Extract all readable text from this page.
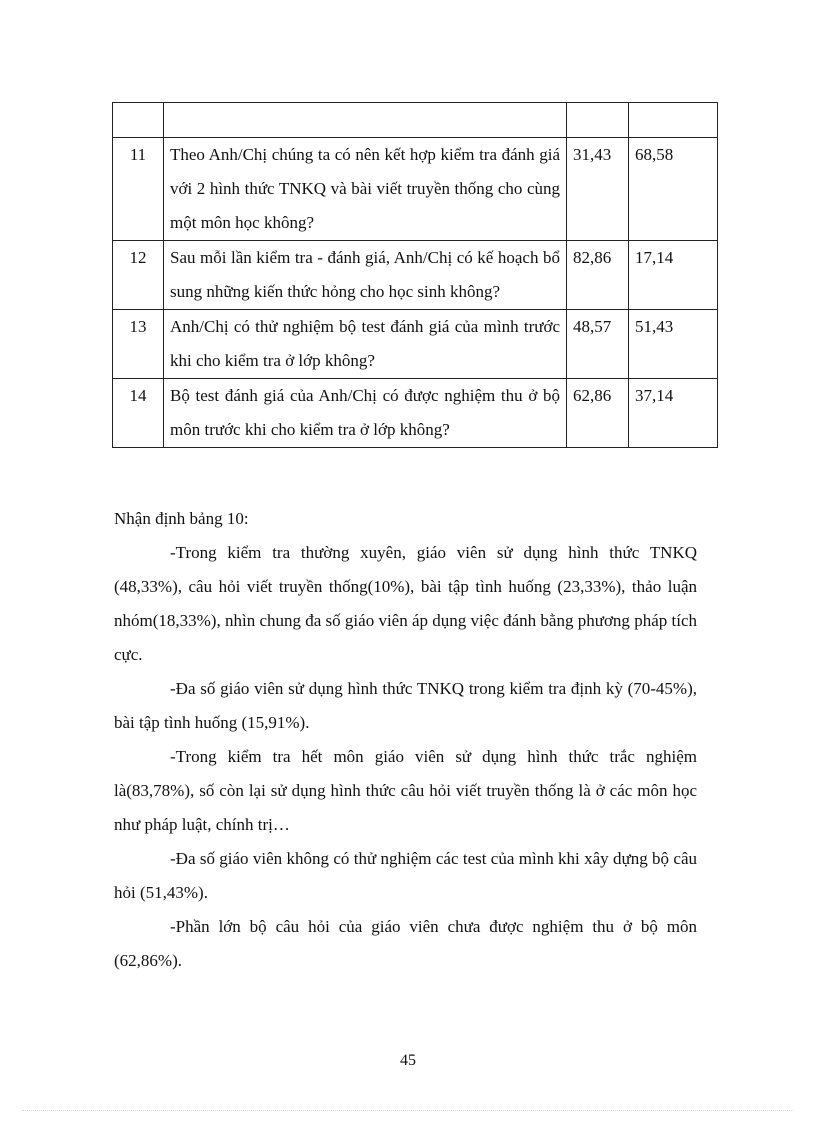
11	Theo Anh/Chị chúng ta có nên kết hợp kiểm tra đánh giá với 2 hình thức TNKQ và bài viết truyền thống cho cùng một môn học không?	31,43	68,58
12	Sau mỗi lần kiểm tra - đánh giá, Anh/Chị có kế hoạch bổ sung những kiến thức hỏng cho học sinh không?	82,86	17,14
13	Anh/Chị có thử nghiệm bộ test đánh giá của mình trước khi cho kiểm tra ở lớp không?	48,57	51,43
14	Bộ test đánh giá của Anh/Chị có được nghiệm thu ở bộ môn trước khi cho kiểm tra ở lớp không?	62,86	37,14

Nhận định bảng 10:

-Trong kiểm tra thường xuyên, giáo viên sử dụng hình thức TNKQ (48,33%), câu hỏi viết truyền thống(10%), bài tập tình huống (23,33%), thảo luận nhóm(18,33%), nhìn chung đa số giáo viên áp dụng việc đánh bằng phương pháp tích cực.

-Đa số giáo viên sử dụng hình thức TNKQ trong kiểm tra định kỳ (70-45%), bài tập tình huống (15,91%).

-Trong kiểm tra hết môn giáo viên sử dụng hình thức trắc nghiệm là(83,78%), số còn lại sử dụng hình thức câu hỏi viết truyền thống là ở các môn học như pháp luật, chính trị…

-Đa số giáo viên không có thử nghiệm các test của mình khi xây dựng bộ câu hỏi (51,43%).

-Phần lớn bộ câu hỏi của giáo viên chưa được nghiệm thu ở bộ môn (62,86%).

45
